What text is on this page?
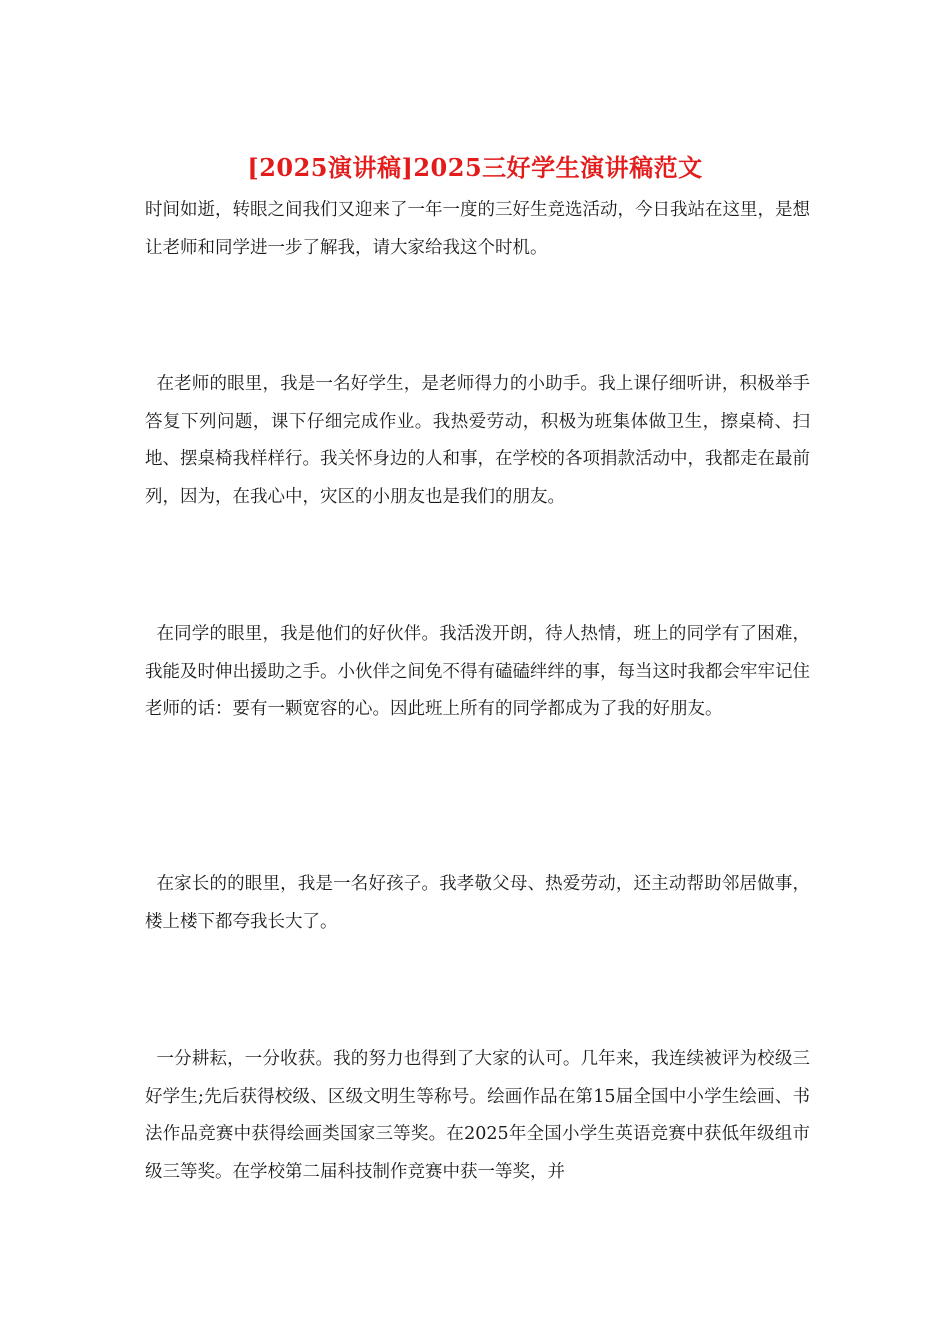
[2025演讲稿]2025三好学生演讲稿范文

时间如逝，转眼之间我们又迎来了一年一度的三好生竞选活动，今日我站在这里，是想让老师和同学进一步了解我，请大家给我这个时机。

在老师的眼里，我是一名好学生，是老师得力的小助手。我上课仔细听讲，积极举手答复下列问题，课下仔细完成作业。我热爱劳动，积极为班集体做卫生，擦桌椅、扫地、摆桌椅我样样行。我关怀身边的人和事，在学校的各项捐款活动中，我都走在最前列，因为，在我心中，灾区的小朋友也是我们的朋友。

在同学的眼里，我是他们的好伙伴。我活泼开朗，待人热情，班上的同学有了困难，我能及时伸出援助之手。小伙伴之间免不得有磕磕绊绊的事，每当这时我都会牢牢记住老师的话：要有一颗宽容的心。因此班上所有的同学都成为了我的好朋友。

在家长的的眼里，我是一名好孩子。我孝敬父母、热爱劳动，还主动帮助邻居做事，楼上楼下都夸我长大了。

一分耕耘，一分收获。我的努力也得到了大家的认可。几年来，我连续被评为校级三好学生;先后获得校级、区级文明生等称号。绘画作品在第15届全国中小学生绘画、书法作品竞赛中获得绘画类国家三等奖。在2025年全国小学生英语竞赛中获低年级组市级三等奖。在学校第二届科技制作竞赛中获一等奖，并
